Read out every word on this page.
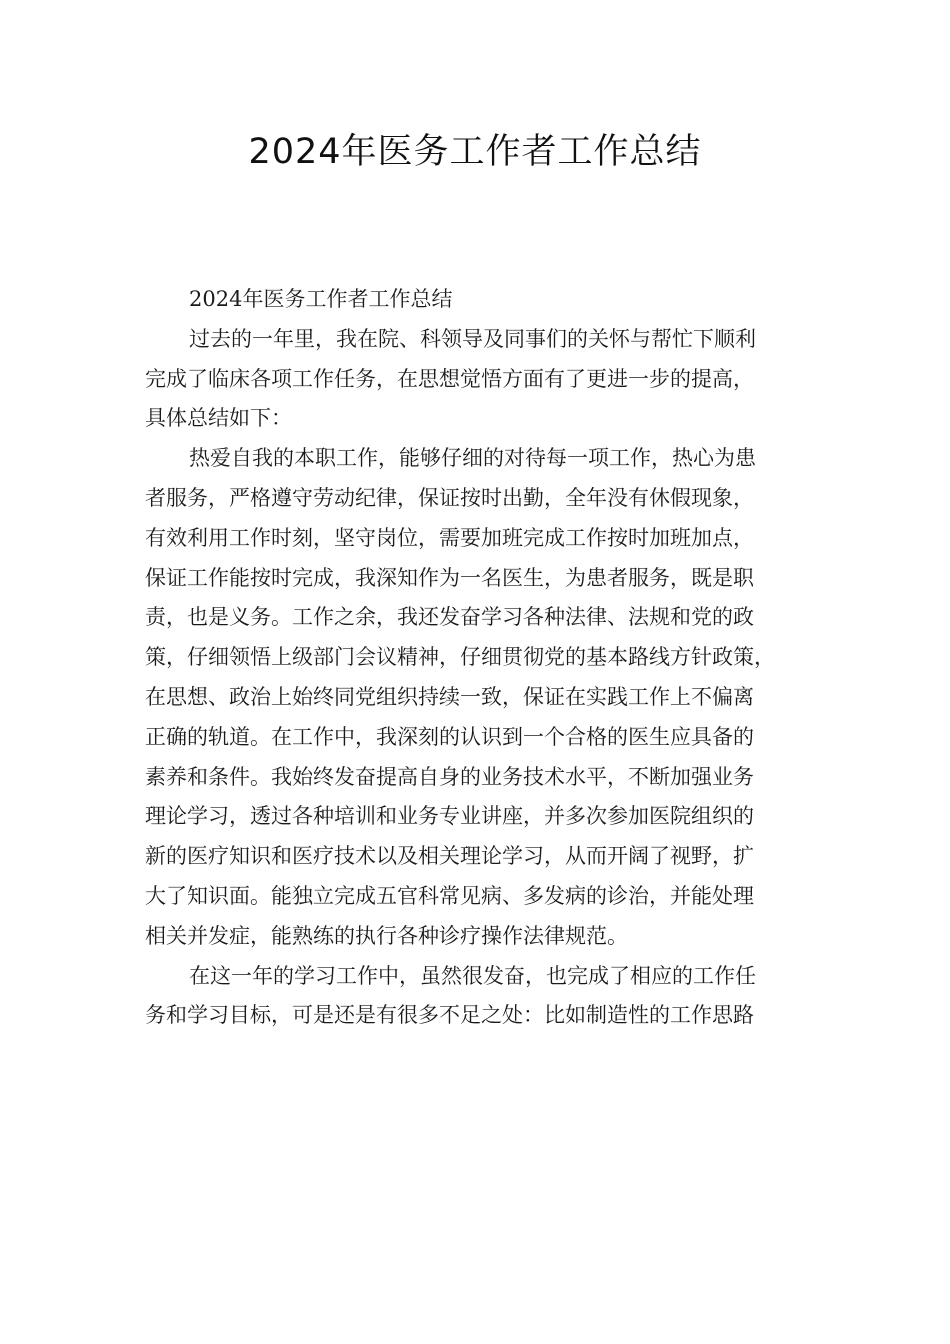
2024年医务工作者工作总结
2024年医务工作者工作总结
过去的一年里，我在院、科领导及同事们的关怀与帮忙下顺利
完成了临床各项工作任务，在思想觉悟方面有了更进一步的提高，
具体总结如下：
热爱自我的本职工作，能够仔细的对待每一项工作，热心为患
者服务，严格遵守劳动纪律，保证按时出勤，全年没有休假现象，
有效利用工作时刻，坚守岗位，需要加班完成工作按时加班加点，
保证工作能按时完成，我深知作为一名医生，为患者服务，既是职
责，也是义务。工作之余，我还发奋学习各种法律、法规和党的政
策，仔细领悟上级部门会议精神，仔细贯彻党的基本路线方针政策，
在思想、政治上始终同党组织持续一致，保证在实践工作上不偏离
正确的轨道。在工作中，我深刻的认识到一个合格的医生应具备的
素养和条件。我始终发奋提高自身的业务技术水平，不断加强业务
理论学习，透过各种培训和业务专业讲座，并多次参加医院组织的
新的医疗知识和医疗技术以及相关理论学习，从而开阔了视野，扩
大了知识面。能独立完成五官科常见病、多发病的诊治，并能处理
相关并发症，能熟练的执行各种诊疗操作法律规范。
在这一年的学习工作中，虽然很发奋，也完成了相应的工作任
务和学习目标，可是还是有很多不足之处：比如制造性的工作思路
